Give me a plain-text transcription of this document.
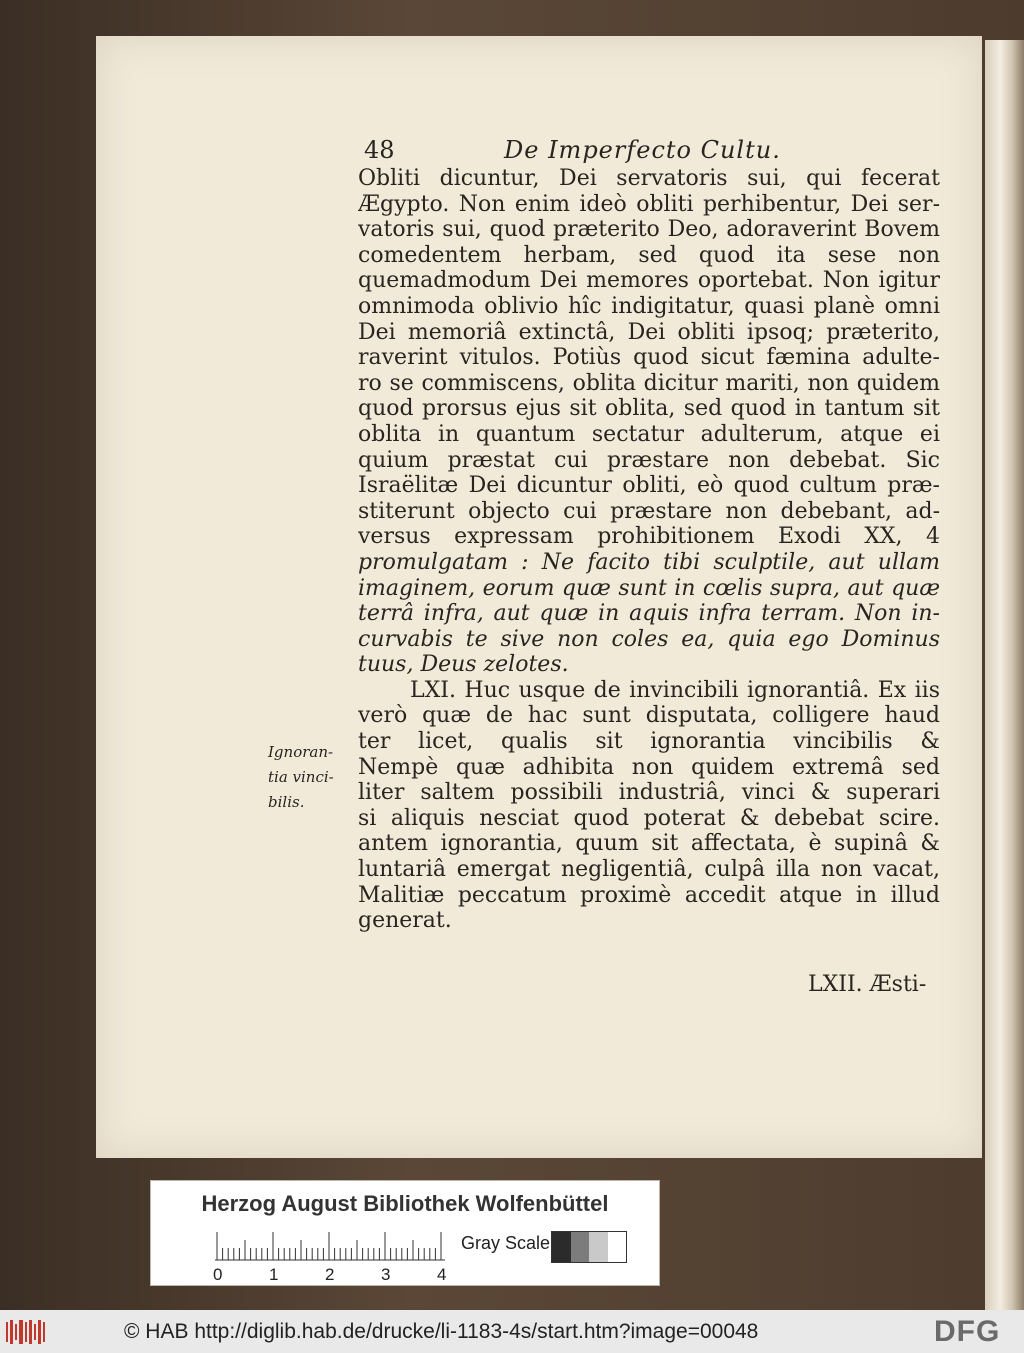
48	De Imperfecto Cultu.
Obliti dicuntur, Dei servatoris sui, qui fecerat
Ægypto. Non enim ideò obliti perhibentur, Dei ser-
vatoris sui, quod præterito Deo, adoraverint Bovem
comedentem herbam, sed quod ita sese non
quemadmodum Dei memores oportebat. Non igitur
omnimoda oblivio hîc indigitatur, quasi planè omni
Dei memoriâ extinctâ, Dei obliti ipsoq; præterito,
raverint vitulos. Potiùs quod sicut fæmina adulte-
ro se commiscens, oblita dicitur mariti, non quidem
quod prorsus ejus sit oblita, sed quod in tantum sit
oblita in quantum sectatur adulterum, atque ei
quium præstat cui præstare non debebat. Sic
Israëlitæ Dei dicuntur obliti, eò quod cultum præ-
stiterunt objecto cui præstare non debebant, ad-
versus expressam prohibitionem Exodi XX, 4
promulgatam : Ne facito tibi sculptile, aut ullam
imaginem, eorum quæ sunt in cœlis supra, aut quæ
terrâ infra, aut quæ in aquis infra terram. Non in-
curvabis te sive non coles ea, quia ego Dominus
tuus, Deus zelotes.
LXI. Huc usque de invincibili ignorantiâ. Ex iis
verò quæ de hac sunt disputata, colligere haud
ter licet, qualis sit ignorantia vincibilis &
Nempè quæ adhibita non quidem extremâ sed
liter saltem possibili industriâ, vinci & superari
si aliquis nesciat quod poterat & debebat scire.
antem ignorantia, quum sit affectata, è supinâ &
luntariâ emergat negligentiâ, culpâ illa non vacat,
Malitiæ peccatum proximè accedit atque in illud
generat.
Ignoran-
tia vinci-
bilis.
LXII. Æsti-
Herzog August Bibliothek Wolfenbüttel
0	1	2	3	4
Gray Scale
© HAB http://diglib.hab.de/drucke/li-1183-4s/start.htm?image=00048	DFG
